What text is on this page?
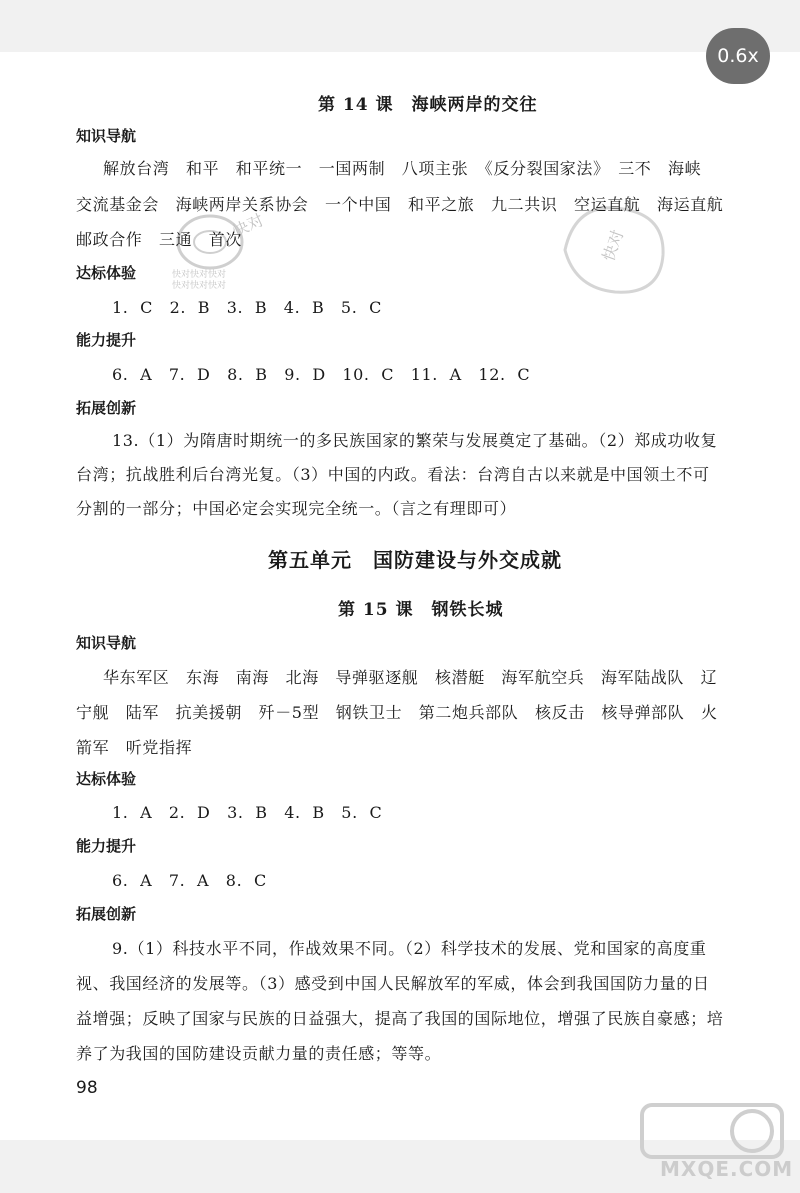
0.6x
快对
快对快对快对
快对快对快对
快对
第 14 课　海峡两岸的交往
知识导航
解放台湾　和平　和平统一　一国两制　八项主张　《反分裂国家法》　三不　海峡
交流基金会　海峡两岸关系协会　一个中国　和平之旅　九二共识　空运直航　海运直航
邮政合作　三通　首次
达标体验
1. C　2. B　3. B　4. B　5. C
能力提升
6. A　7. D　8. B　9. D　10. C　11. A　12. C
拓展创新
13.（1）为隋唐时期统一的多民族国家的繁荣与发展奠定了基础。（2）郑成功收复
台湾；抗战胜利后台湾光复。（3）中国的内政。看法：台湾自古以来就是中国领土不可
分割的一部分；中国必定会实现完全统一。（言之有理即可）
第五单元　国防建设与外交成就
第 15 课　钢铁长城
知识导航
华东军区　东海　南海　北海　导弹驱逐舰　核潜艇　海军航空兵　海军陆战队　辽
宁舰　陆军　抗美援朝　歼－5型　钢铁卫士　第二炮兵部队　核反击　核导弹部队　火
箭军　听党指挥
达标体验
1. A　2. D　3. B　4. B　5. C
能力提升
6. A　7. A　8. C
拓展创新
9.（1）科技水平不同，作战效果不同。（2）科学技术的发展、党和国家的高度重
视、我国经济的发展等。（3）感受到中国人民解放军的军威，体会到我国国防力量的日
益增强；反映了国家与民族的日益强大，提高了我国的国际地位，增强了民族自豪感；培
养了为我国的国防建设贡献力量的责任感；等等。
98
MXQE.COM
